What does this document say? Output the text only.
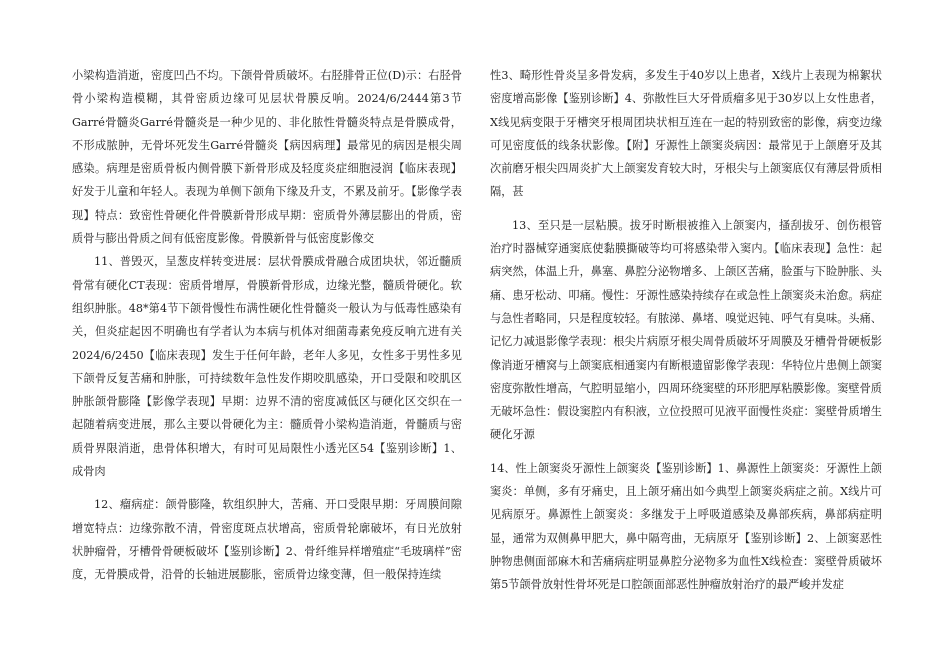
小梁构造消逝，密度凹凸不均。下颌骨骨质破坏。右胫腓骨正位(D)示：右胫骨骨小梁构造模糊，其骨密质边缘可见层状骨膜反响。2024/6/2444第3节Garré骨髓炎Garré骨髓炎是一种少见的、非化脓性骨髓炎特点是骨膜成骨，不形成脓肿，无骨坏死发生Garré骨髓炎【病因病理】最常见的病因是根尖周感染。病理是密质骨板内侧骨膜下新骨形成及轻度炎症细胞浸润【临床表现】好发于儿童和年轻人。表现为单侧下颌角下缘及升支，不累及前牙。【影像学表现】特点：致密性骨硬化件骨膜新骨形成早期：密质骨外薄层膨出的骨质，密质骨与膨出骨质之间有低密度影像。骨膜新骨与低密度影像交

11、普毁灭，呈葱皮样转变进展：层状骨膜成骨融合成团块状，邻近髓质骨常有硬化CT表现：密质骨增厚，骨膜新骨形成，边缘光整，髓质骨硬化。软组织肿胀。48*第4节下颌骨慢性布满性硬化性骨髓炎一般认为与低毒性感染有关，但炎症起因不明确也有学者认为本病与机体对细菌毒素免疫反响亢进有关2024/6/2450【临床表现】发生于任何年龄，老年人多见，女性多于男性多见下颌骨反复苦痛和肿胀，可持续数年急性发作期咬肌感染，开口受限和咬肌区肿胀颌骨膨隆【影像学表现】早期：边界不清的密度减低区与硬化区交织在一起随着病变进展，那么主要以骨硬化为主：髓质骨小梁构造消逝，骨髓质与密质骨界限消逝，患骨体积增大，有时可见局限性小透光区54【鉴别诊断】1、成骨肉

12、瘤病症：颌骨膨隆，软组织肿大，苦痛、开口受限早期：牙周膜间隙增宽特点：边缘弥散不清，骨密度斑点状增高，密质骨轮廓破坏，有日光放射状肿瘤骨，牙槽骨骨硬板破坏【鉴别诊断】2、骨纤维异样增殖症“毛玻璃样”密度，无骨膜成骨，沿骨的长轴进展膨胀，密质骨边缘变薄，但一般保持连续

性3、畸形性骨炎呈多骨发病，多发生于40岁以上患者，X线片上表现为棉絮状密度增高影像【鉴别诊断】4、弥散性巨大牙骨质瘤多见于30岁以上女性患者，X线见病变限于牙槽突牙根周团块状相互连在一起的特别致密的影像，病变边缘可见密度低的线条状影像。【附】牙源性上颌窦炎病因：最常见于上颌磨牙及其次前磨牙根尖四周炎扩大上颌窦发育较大时，牙根尖与上颌窦底仅有薄层骨质相隔，甚

13、至只是一层粘膜。拔牙时断根被推入上颌窦内，搔刮拔牙、创伤根管治疗时器械穿通窦底使黏膜撕破等均可将感染带入窦内。【临床表现】急性：起病突然，体温上升，鼻塞、鼻腔分泌物增多、上颌区苦痛，脸蛋与下睑肿胀、头痛、患牙松动、叩痛。慢性：牙源性感染持续存在或急性上颌窦炎未治愈。病症与急性者略同，只是程度较轻。有脓涕、鼻堵、嗅觉迟钝、呼气有臭味。头痛、记忆力减退影像学表现：根尖片病原牙根尖周骨质破坏牙周膜及牙槽骨骨硬板影像消逝牙槽窝与上颌窦底相通窦内有断根遗留影像学表现：华特位片患侧上颌窦密度弥散性增高，气腔明显缩小，四周环绕窦壁的环形肥厚粘膜影像。窦壁骨质无破坏急性：假设窦腔内有积液，立位投照可见液平面慢性炎症：窦壁骨质增生硬化牙源

14、性上颌窦炎牙源性上颌窦炎【鉴别诊断】1、鼻源性上颌窦炎：牙源性上颌窦炎：单侧，多有牙痛史，且上颌牙痛出如今典型上颌窦炎病症之前。X线片可见病原牙。鼻源性上颌窦炎：多继发于上呼吸道感染及鼻部疾病，鼻部病症明显，通常为双侧鼻甲肥大，鼻中隔弯曲，无病原牙【鉴别诊断】2、上颌窦恶性肿物患侧面部麻木和苦痛病症明显鼻腔分泌物多为血性X线检查：窦壁骨质破坏第5节颌骨放射性骨坏死是口腔颌面部恶性肿瘤放射治疗的最严峻并发症
